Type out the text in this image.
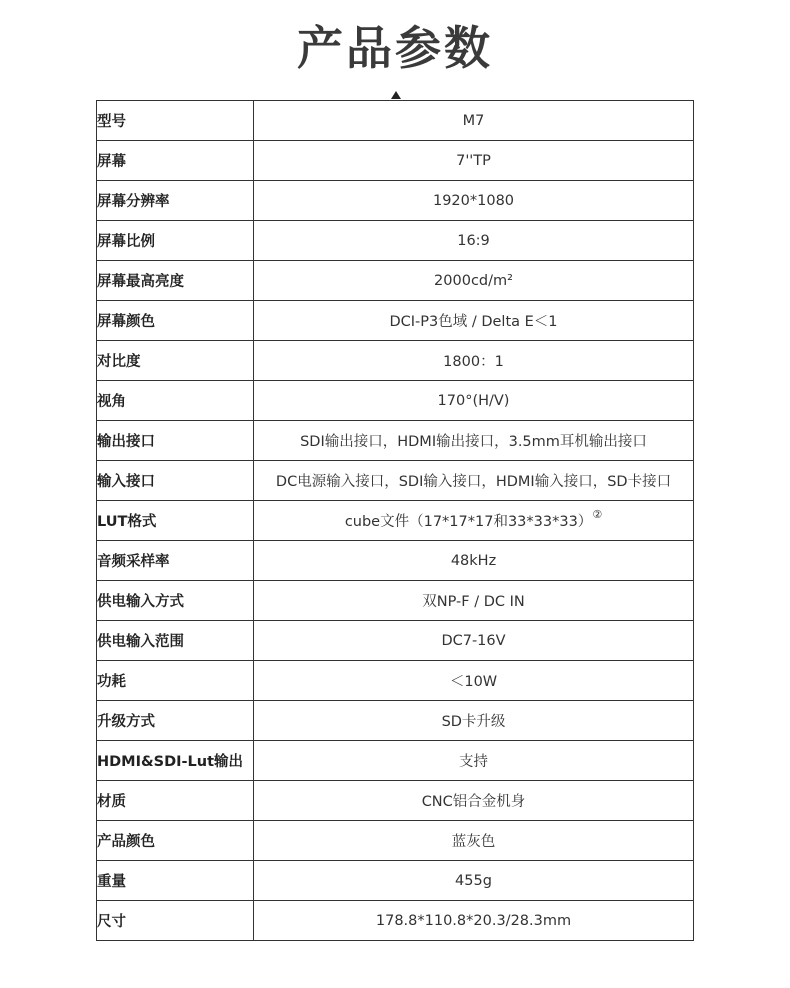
产品参数
型号	M7
屏幕	7''TP
屏幕分辨率	1920*1080
屏幕比例	16:9
屏幕最高亮度	2000cd/m²
屏幕颜色	DCI-P3色域 / Delta E＜1
对比度	1800：1
视角	170°(H/V)
输出接口	SDI输出接口，HDMI输出接口，3.5mm耳机输出接口
输入接口	DC电源输入接口，SDI输入接口，HDMI输入接口，SD卡接口
LUT格式	cube文件（17*17*17和33*33*33）②
音频采样率	48kHz
供电输入方式	双NP-F / DC IN
供电输入范围	DC7-16V
功耗	＜10W
升级方式	SD卡升级
HDMI&SDI-Lut输出	支持
材质	CNC铝合金机身
产品颜色	蓝灰色
重量	455g
尺寸	178.8*110.8*20.3/28.3mm
